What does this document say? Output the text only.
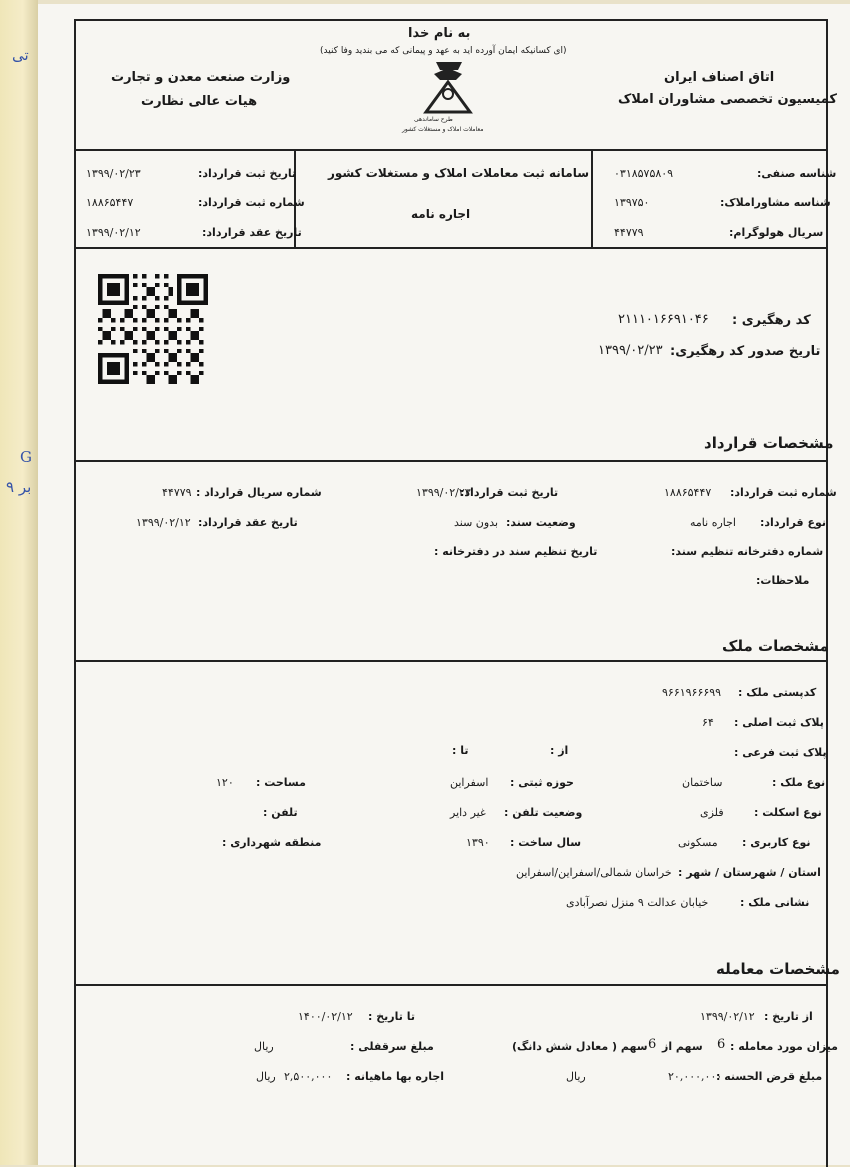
تی
G
۹ بر
به نام خدا
(ای کسانیکه ایمان آورده اید به عهد و پیمانی که می بندید وفا کنید)
وزارت صنعت معدن و تجارت
هیات عالی نظارت
اتاق اصناف ایران
کمیسیون تخصصی مشاوران املاک
طرح ساماندهی
معاملات املاک و مستغلات کشور
سامانه ثبت معاملات املاک و مستغلات کشور
اجاره نامه
تاریخ ثبت قرارداد:
۱۳۹۹/۰۲/۲۳
شماره ثبت قرارداد:
۱۸۸۶۵۴۴۷
تاریخ عقد قرارداد:
۱۳۹۹/۰۲/۱۲
شناسه صنفی:
۰۳۱۸۵۷۵۸۰۹
شناسه مشاوراملاک:
۱۳۹۷۵۰
سریال هولوگرام:
۴۴۷۷۹
کد رهگیری :
۲۱۱۱۰۱۶۶۹۱۰۴۶
تاریخ صدور کد رهگیری:
۱۳۹۹/۰۲/۲۳
مشخصات قرارداد
شماره ثبت قرارداد:
۱۸۸۶۵۴۴۷
تاریخ ثبت قرارداد:
۱۳۹۹/۰۲/۲۳
شماره سریال قرارداد :
۴۴۷۷۹
نوع قرارداد:
اجاره نامه
وضعیت سند:
بدون سند
تاریخ عقد قرارداد:
۱۳۹۹/۰۲/۱۲
شماره دفترخانه تنظیم سند:
تاریخ تنظیم سند در دفترخانه :
ملاحظات:
مشخصات ملک
کدپستی ملک :
۹۶۶۱۹۶۶۶۹۹
پلاک ثبت اصلی :
۶۴
پلاک ثبت فرعی :
از :
تا :
نوع ملک :
ساختمان
حوزه ثبتی :
اسفراین
مساحت :
۱۲۰
نوع اسکلت :
فلزی
وضعیت تلفن :
غیر دایر
تلفن :
نوع کاربری :
مسکونی
سال ساخت :
۱۳۹۰
منطقه شهرداری :
استان / شهرستان / شهر :
خراسان شمالی/اسفراین/اسفراین
نشانی ملک :
خیابان عدالت ۹ منزل نصرآبادی
مشخصات معامله
از تاریخ :
۱۳۹۹/۰۲/۱۲
تا تاریخ :
۱۴۰۰/۰۲/۱۲
میزان مورد معامله :
6
سهم از
6
سهم ( معادل شش دانگ)
مبلغ سرقفلی :
ریال
مبلغ قرض الحسنه :
۲۰,۰۰۰,۰۰۰
ریال
اجاره بها ماهیانه :
۲,۵۰۰,۰۰۰
ریال
